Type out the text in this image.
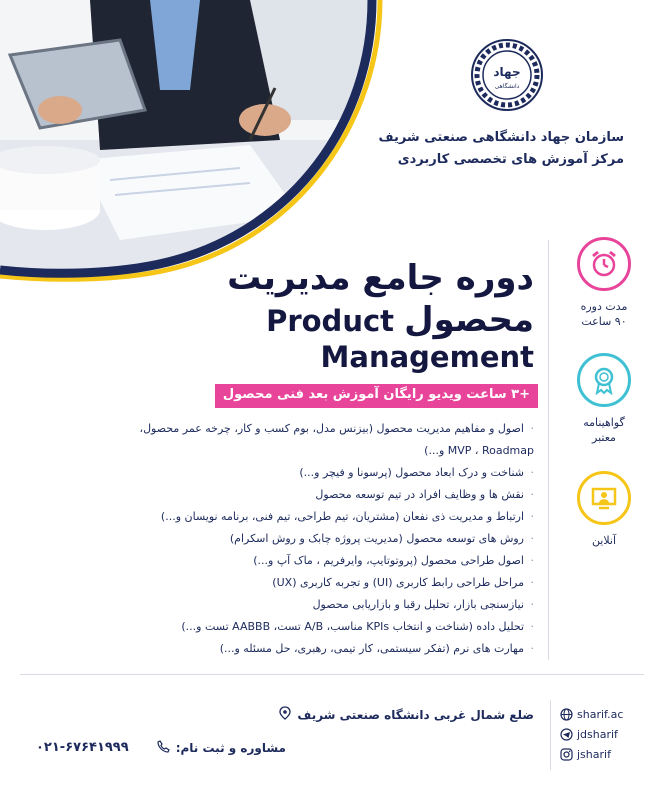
جهاد
دانشگاهی
سازمان جهاد دانشگاهی صنعتی شریف
مرکز آموزش های تخصصی کاربردی
مدت دوره
۹۰ ساعت
گواهینامه
معتبر
آنلاین
دوره جامع مدیریت
Product محصول
Management
+۳ ساعت ویدیو رایگان آموزش بعد فنی محصول
· اصول و مفاهیم مدیریت محصول (بیزنس مدل، بوم کسب و کار، چرخه عمر محصول،
MVP ، Roadmap و...)
· شناخت و درک ابعاد محصول (پرسونا و فیچر و...)
· نقش ها و وظایف افراد در تیم توسعه محصول
· ارتباط و مدیریت ذی نفعان (مشتریان، تیم طراحی، تیم فنی، برنامه نویسان و...)
· روش های توسعه محصول (مدیریت پروژه چابک و روش اسکرام)
· اصول طراحی محصول (پروتوتایپ، وایرفریم ، ماک آپ و...)
· مراحل طراحی رابط کاربری (UI) و تجربه کاربری (UX)
· نیازسنجی بازار، تحلیل رقبا و بازاریابی محصول
· تحلیل داده (شناخت و انتخاب KPIs مناسب، A/B تست، AABBB تست و...)
· مهارت های نرم (تفکر سیستمی، کار تیمی، رهبری، حل مسئله و...)
ضلع شمال غربی دانشگاه صنعتی شریف
مشاوره و ثبت نام:
۰۲۱-۶۷۶۴۱۹۹۹
sharif.ac
jdsharif
jsharif
